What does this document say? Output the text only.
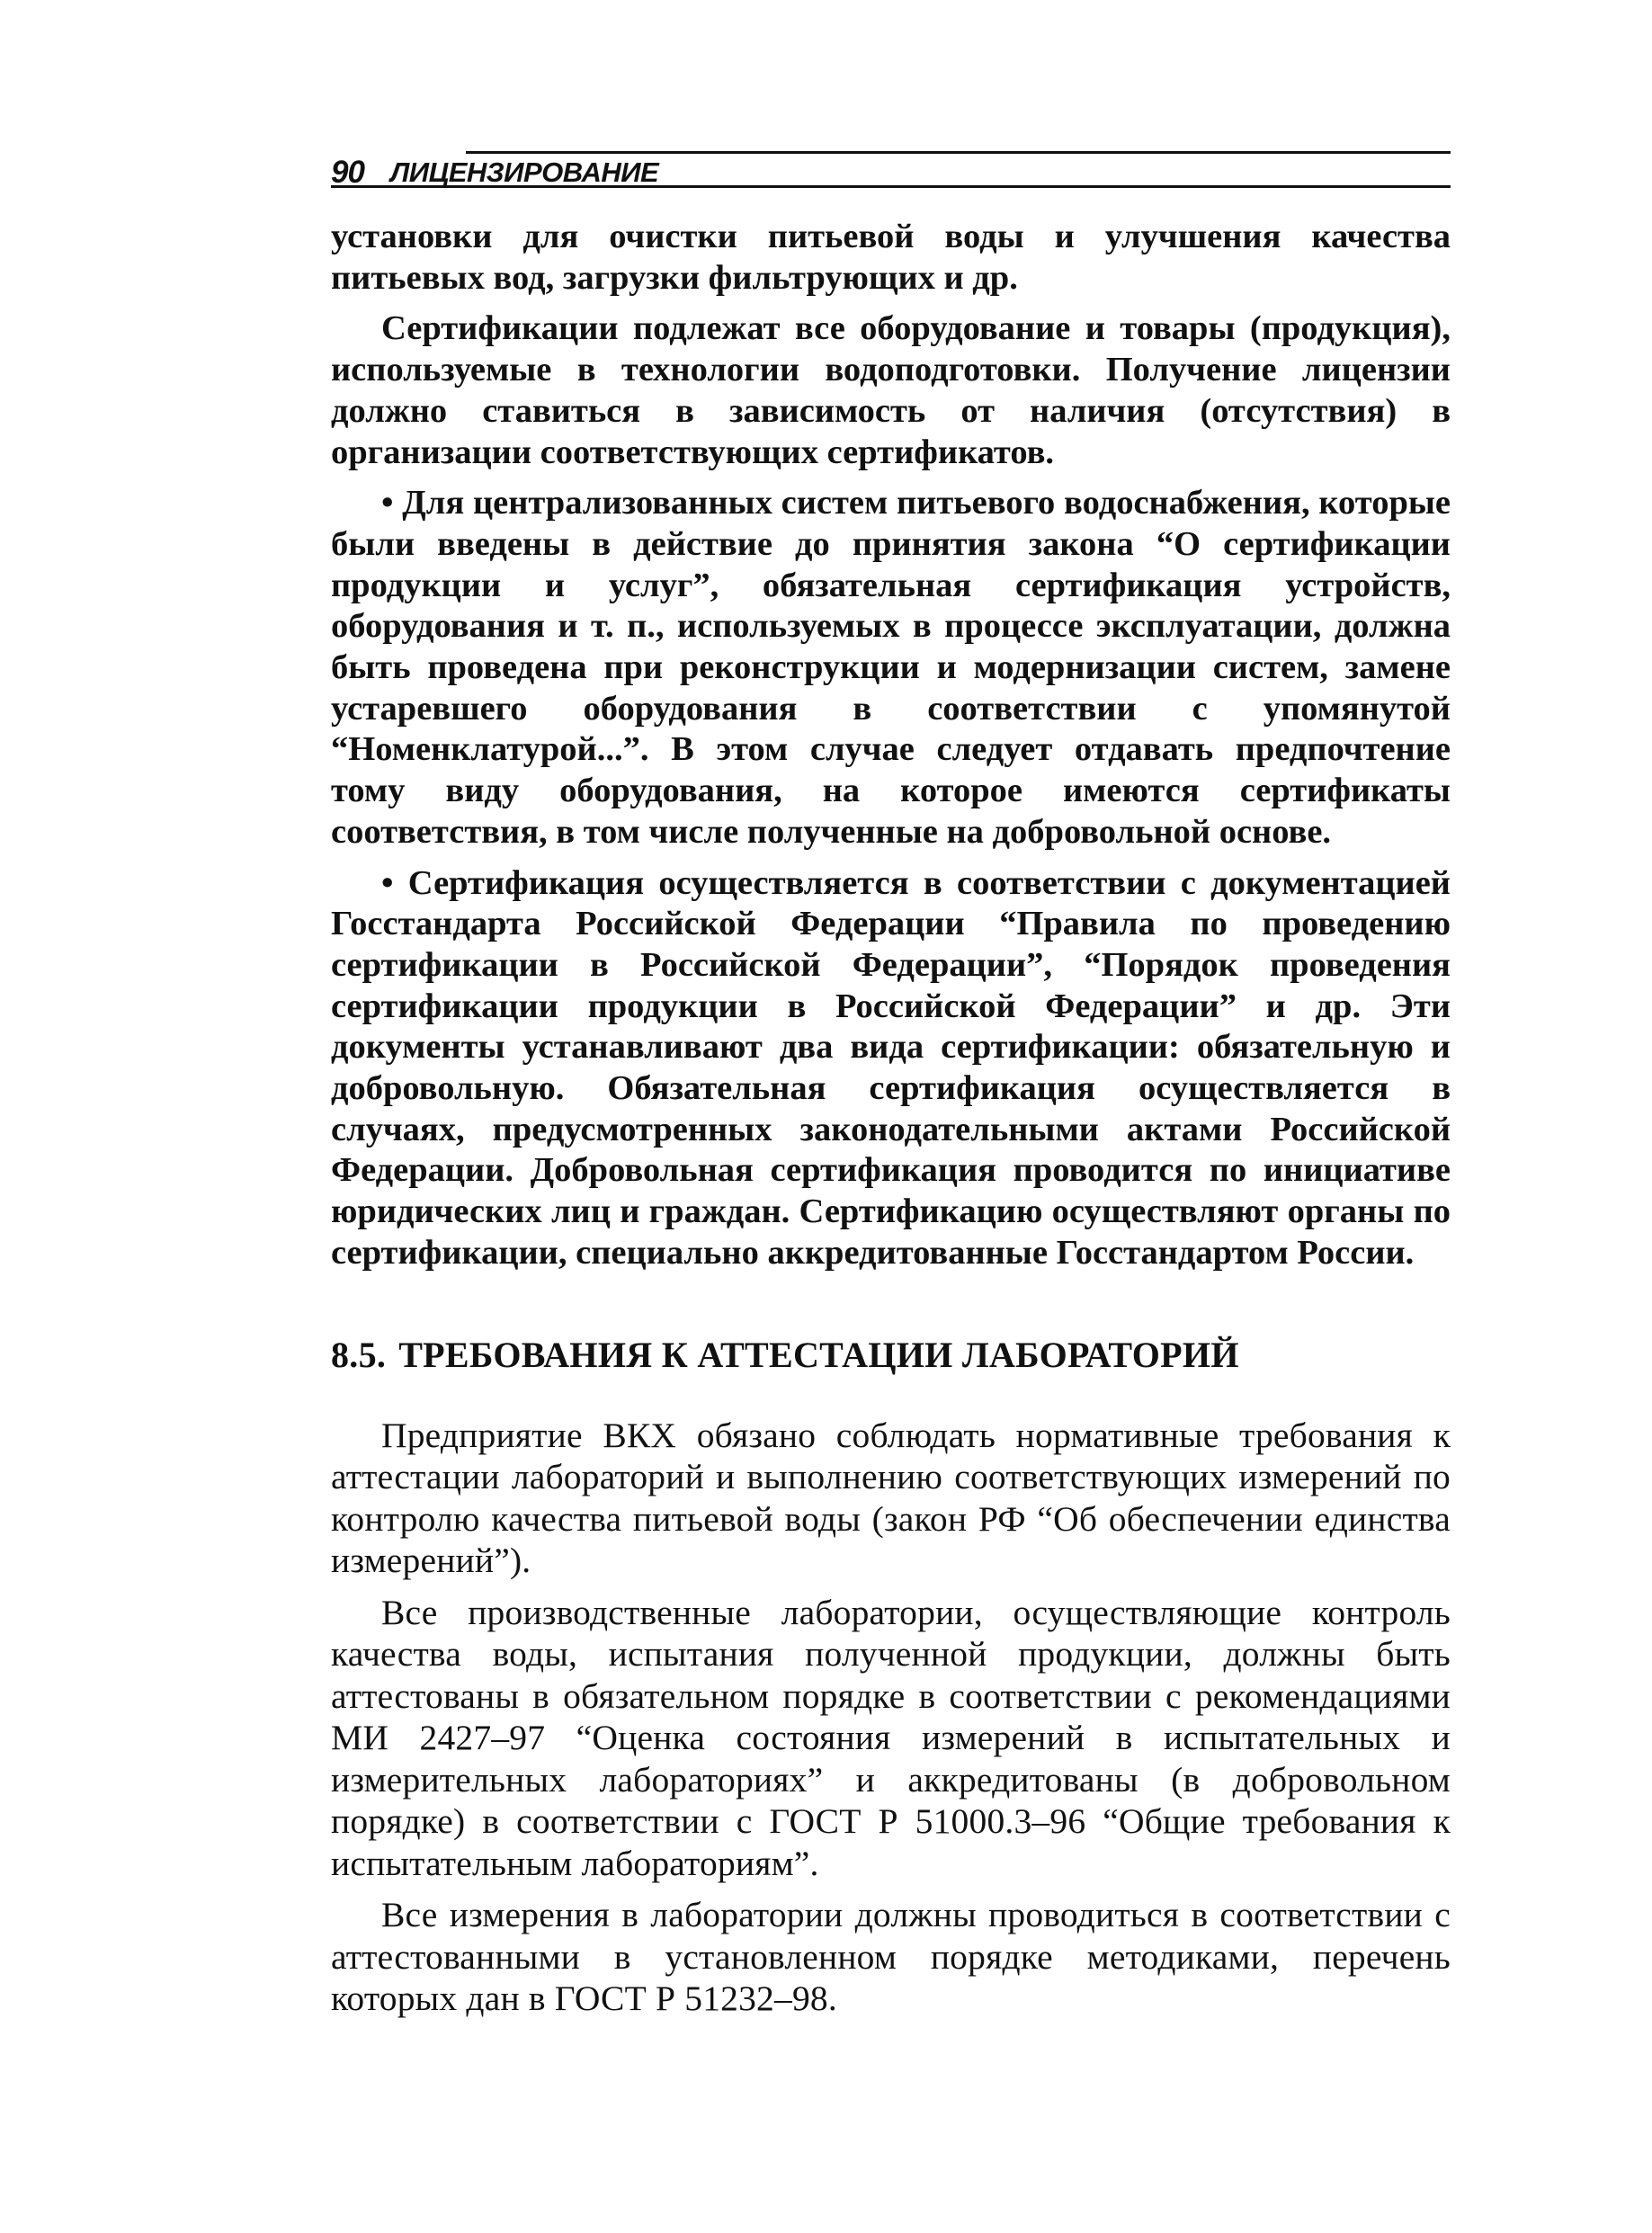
90 ЛИЦЕНЗИРОВАНИЕ

установки для очистки питьевой воды и улучшения качества питьевых вод, загрузки фильтрующих и др.

Сертификации подлежат все оборудование и товары (продукция), используемые в технологии водоподготовки. Получение лицензии должно ставиться в зависимость от наличия (отсутствия) в организации соответствующих сертификатов.

• Для централизованных систем питьевого водоснабжения, которые были введены в действие до принятия закона “О сертификации продукции и услуг”, обязательная сертификация устройств, оборудования и т. п., используемых в процессе эксплуатации, должна быть проведена при реконструкции и модернизации систем, замене устаревшего оборудования в соответствии с упомянутой “Номенклатурой...”. В этом случае следует отдавать предпочтение тому виду оборудования, на которое имеются сертификаты соответствия, в том числе полученные на добровольной основе.

• Сертификация осуществляется в соответствии с документацией Госстандарта Российской Федерации “Правила по проведению сертификации в Российской Федерации”, “Порядок проведения сертификации продукции в Российской Федерации” и др. Эти документы устанавливают два вида сертификации: обязательную и добровольную. Обязательная сертификация осуществляется в случаях, предусмотренных законодательными актами Российской Федерации. Добровольная сертификация проводится по инициативе юридических лиц и граждан. Сертификацию осуществляют органы по сертификации, специально аккредитованные Госстандартом России.

8.5. ТРЕБОВАНИЯ К АТТЕСТАЦИИ ЛАБОРАТОРИЙ

Предприятие ВКХ обязано соблюдать нормативные требования к аттестации лабораторий и выполнению соответствующих измерений по контролю качества питьевой воды (закон РФ “Об обеспечении единства измерений”).

Все производственные лаборатории, осуществляющие контроль качества воды, испытания полученной продукции, должны быть аттестованы в обязательном порядке в соответствии с рекомендациями МИ 2427–97 “Оценка состояния измерений в испытательных и измерительных лабораториях” и аккредитованы (в добровольном порядке) в соответствии с ГОСТ Р 51000.3–96 “Общие требования к испытательным лабораториям”.

Все измерения в лаборатории должны проводиться в соответствии с аттестованными в установленном порядке методиками, перечень которых дан в ГОСТ Р 51232–98.
